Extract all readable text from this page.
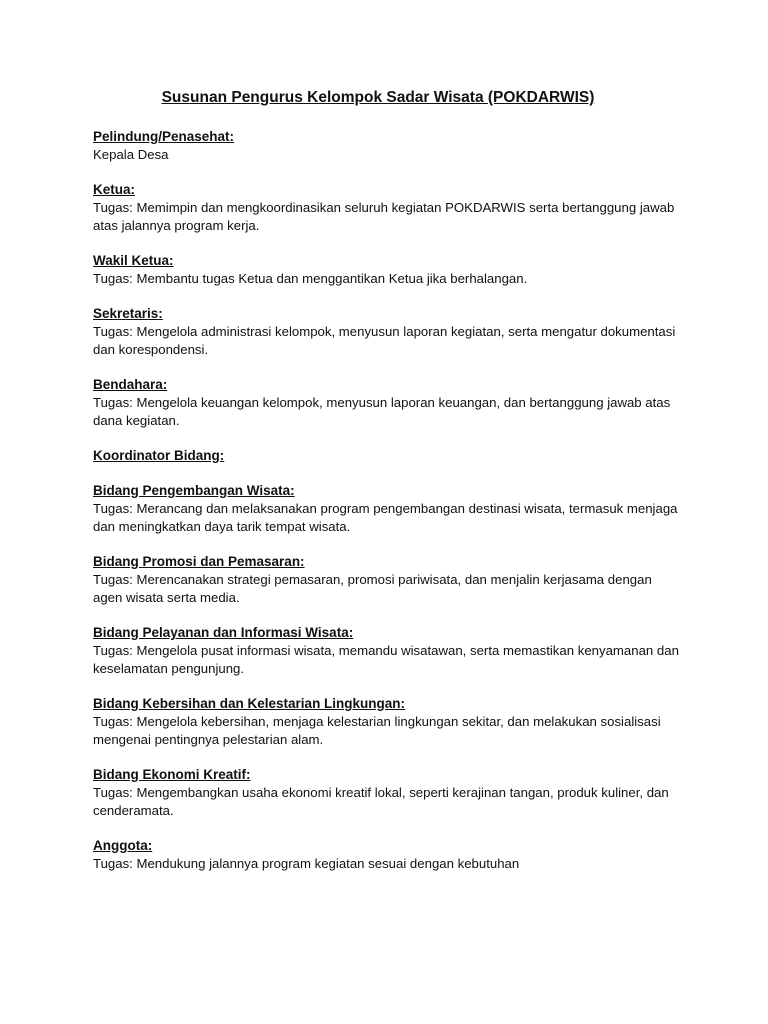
Susunan Pengurus Kelompok Sadar Wisata (POKDARWIS)
Pelindung/Penasehat:
Kepala Desa
Ketua:
Tugas: Memimpin dan mengkoordinasikan seluruh kegiatan POKDARWIS serta bertanggung jawab atas jalannya program kerja.
Wakil Ketua:
Tugas: Membantu tugas Ketua dan menggantikan Ketua jika berhalangan.
Sekretaris:
Tugas: Mengelola administrasi kelompok, menyusun laporan kegiatan, serta mengatur dokumentasi dan korespondensi.
Bendahara:
Tugas: Mengelola keuangan kelompok, menyusun laporan keuangan, dan bertanggung jawab atas dana kegiatan.
Koordinator Bidang:
Bidang Pengembangan Wisata:
Tugas: Merancang dan melaksanakan program pengembangan destinasi wisata, termasuk menjaga dan meningkatkan daya tarik tempat wisata.
Bidang Promosi dan Pemasaran:
Tugas: Merencanakan strategi pemasaran, promosi pariwisata, dan menjalin kerjasama dengan agen wisata serta media.
Bidang Pelayanan dan Informasi Wisata:
Tugas: Mengelola pusat informasi wisata, memandu wisatawan, serta memastikan kenyamanan dan keselamatan pengunjung.
Bidang Kebersihan dan Kelestarian Lingkungan:
Tugas: Mengelola kebersihan, menjaga kelestarian lingkungan sekitar, dan melakukan sosialisasi mengenai pentingnya pelestarian alam.
Bidang Ekonomi Kreatif:
Tugas: Mengembangkan usaha ekonomi kreatif lokal, seperti kerajinan tangan, produk kuliner, dan cenderamata.
Anggota:
Tugas: Mendukung jalannya program kegiatan sesuai dengan kebutuhan
